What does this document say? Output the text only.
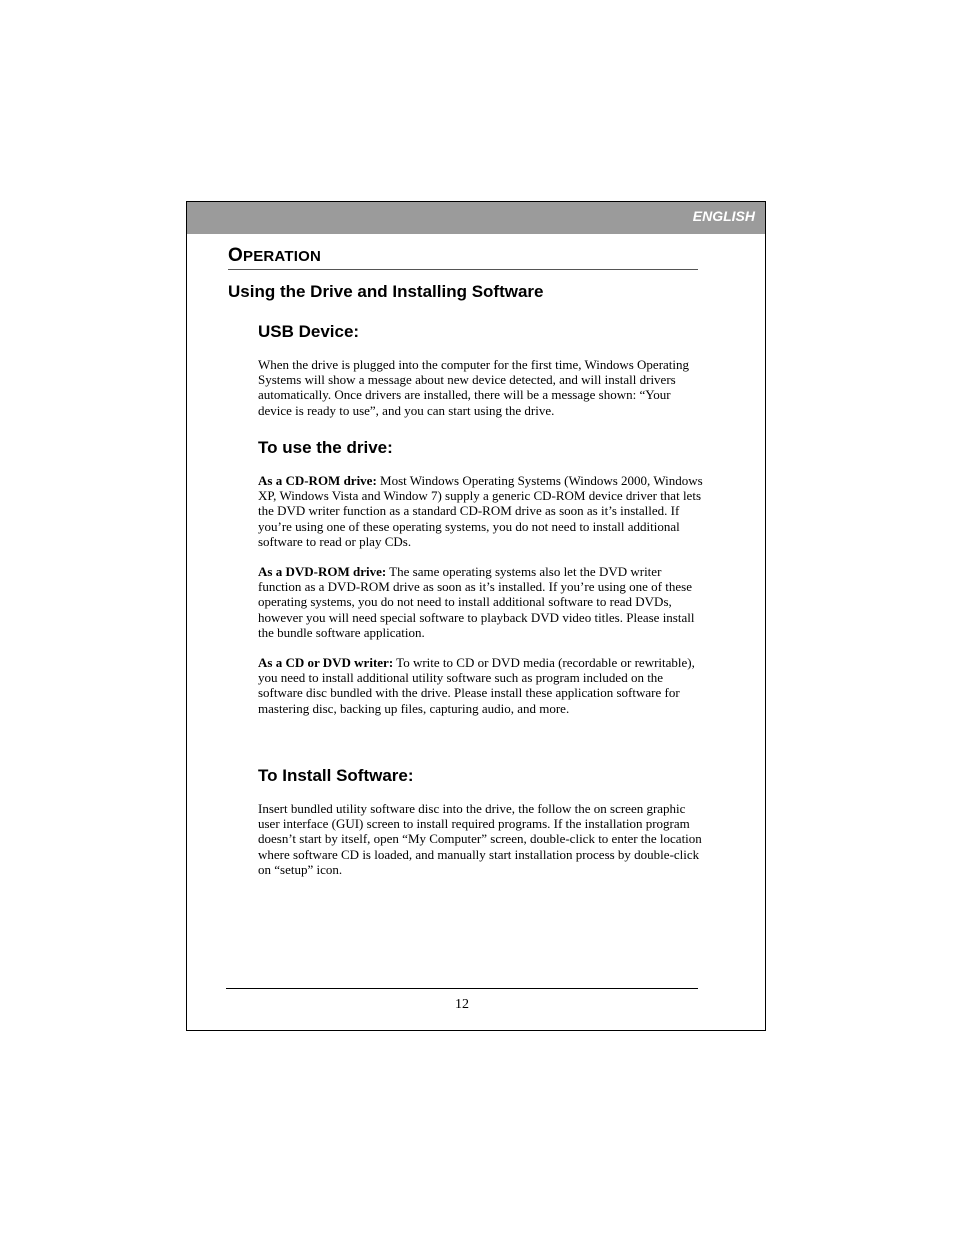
ENGLISH
OPERATION
Using the Drive and Installing Software
USB Device:

When the drive is plugged into the computer for the first time, Windows Operating Systems will show a message about new device detected, and will install drivers automatically. Once drivers are installed, there will be a message shown: “Your device is ready to use”, and you can start using the drive.

To use the drive:

As a CD-ROM drive: Most Windows Operating Systems (Windows 2000, Windows XP, Windows Vista and Window 7) supply a generic CD-ROM device driver that lets the DVD writer function as a standard CD-ROM drive as soon as it’s installed. If you’re using one of these operating systems, you do not need to install additional software to read or play CDs.

As a DVD-ROM drive: The same operating systems also let the DVD writer function as a DVD-ROM drive as soon as it’s installed. If you’re using one of these operating systems, you do not need to install additional software to read DVDs, however you will need special software to playback DVD video titles. Please install the bundle software application.

As a CD or DVD writer: To write to CD or DVD media (recordable or rewritable), you need to install additional utility software such as program included on the software disc bundled with the drive. Please install these application software for mastering disc, backing up files, capturing audio, and more.

To Install Software:

Insert bundled utility software disc into the drive, the follow the on screen graphic user interface (GUI) screen to install required programs. If the installation program doesn’t start by itself, open “My Computer” screen, double-click to enter the location where software CD is loaded, and manually start installation process by double-click on “setup” icon.

12
